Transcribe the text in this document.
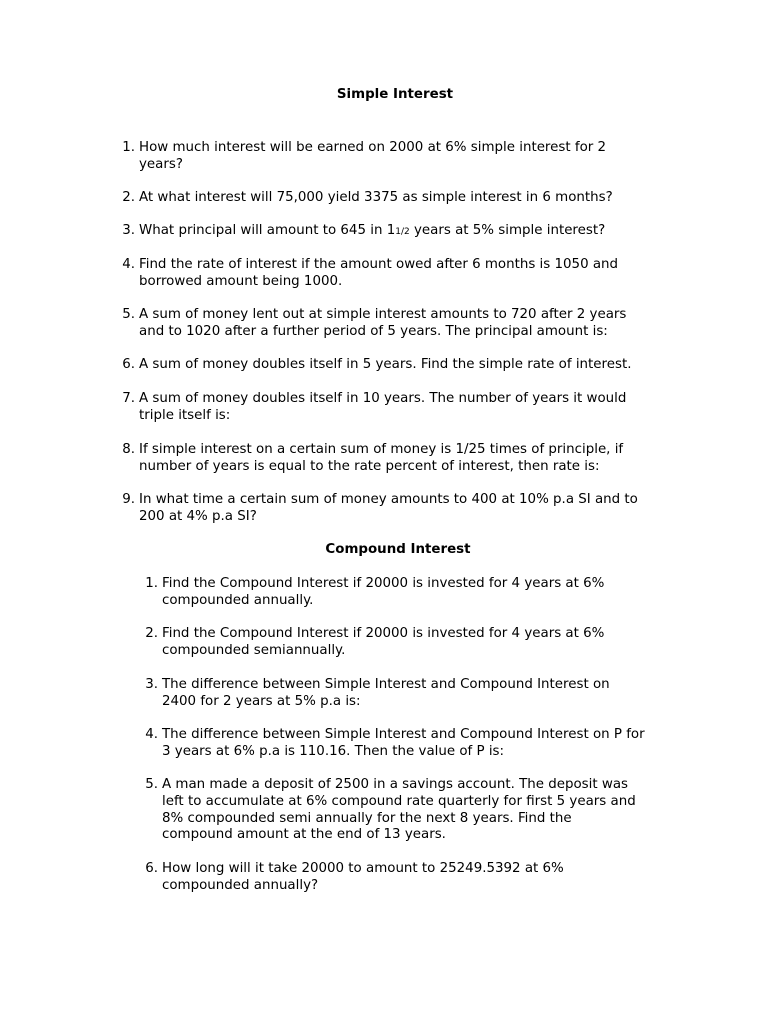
Simple Interest
1. How much interest will be earned on 2000 at 6% simple interest for 2
years?
2. At what interest will 75,000 yield 3375 as simple interest in 6 months?
3. What principal will amount to 645 in 11/2 years at 5% simple interest?
4. Find the rate of interest if the amount owed after 6 months is 1050 and
borrowed amount being 1000.
5. A sum of money lent out at simple interest amounts to 720 after 2 years
and to 1020 after a further period of 5 years. The principal amount is:
6. A sum of money doubles itself in 5 years. Find the simple rate of interest.
7. A sum of money doubles itself in 10 years. The number of years it would
triple itself is:
8. If simple interest on a certain sum of money is 1/25 times of principle, if
number of years is equal to the rate percent of interest, then rate is:
9. In what time a certain sum of money amounts to 400 at 10% p.a SI and to
200 at 4% p.a SI?
Compound Interest
1. Find the Compound Interest if 20000 is invested for 4 years at 6%
compounded annually.
2. Find the Compound Interest if 20000 is invested for 4 years at 6%
compounded semiannually.
3. The difference between Simple Interest and Compound Interest on
2400 for 2 years at 5% p.a is:
4. The difference between Simple Interest and Compound Interest on P for
3 years at 6% p.a is 110.16. Then the value of P is:
5. A man made a deposit of 2500 in a savings account. The deposit was
left to accumulate at 6% compound rate quarterly for first 5 years and
8% compounded semi annually for the next 8 years. Find the
compound amount at the end of 13 years.
6. How long will it take 20000 to amount to 25249.5392 at 6%
compounded annually?
